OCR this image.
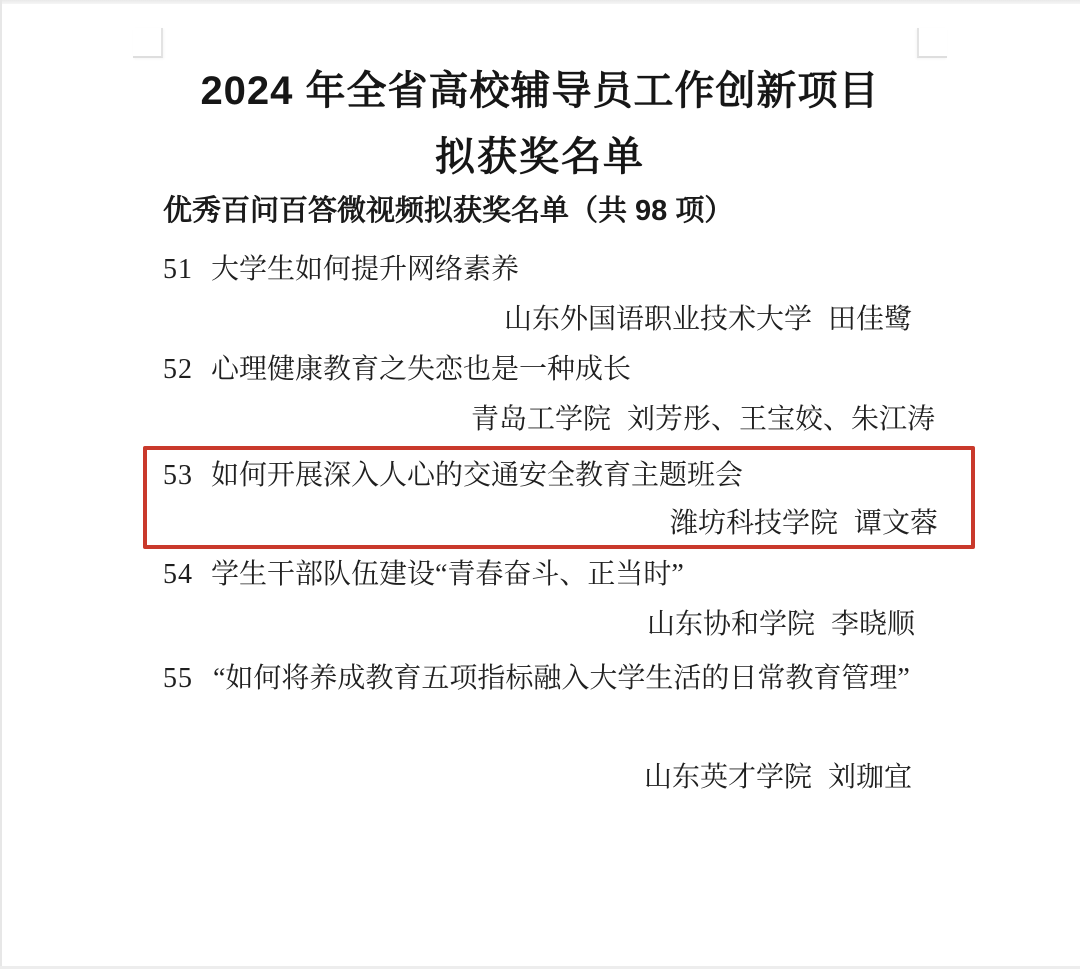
2024 年全省高校辅导员工作创新项目
拟获奖名单
优秀百问百答微视频拟获奖名单（共 98 项）
51 大学生如何提升网络素养
山东外国语职业技术大学 田佳鹭
52 心理健康教育之失恋也是一种成长
青岛工学院 刘芳彤、王宝姣、朱江涛
53 如何开展深入人心的交通安全教育主题班会
潍坊科技学院 谭文蓉
54 学生干部队伍建设“青春奋斗、正当时”
山东协和学院 李晓顺
55 “如何将养成教育五项指标融入大学生活的日常教育管理”
山东英才学院 刘珈宜
